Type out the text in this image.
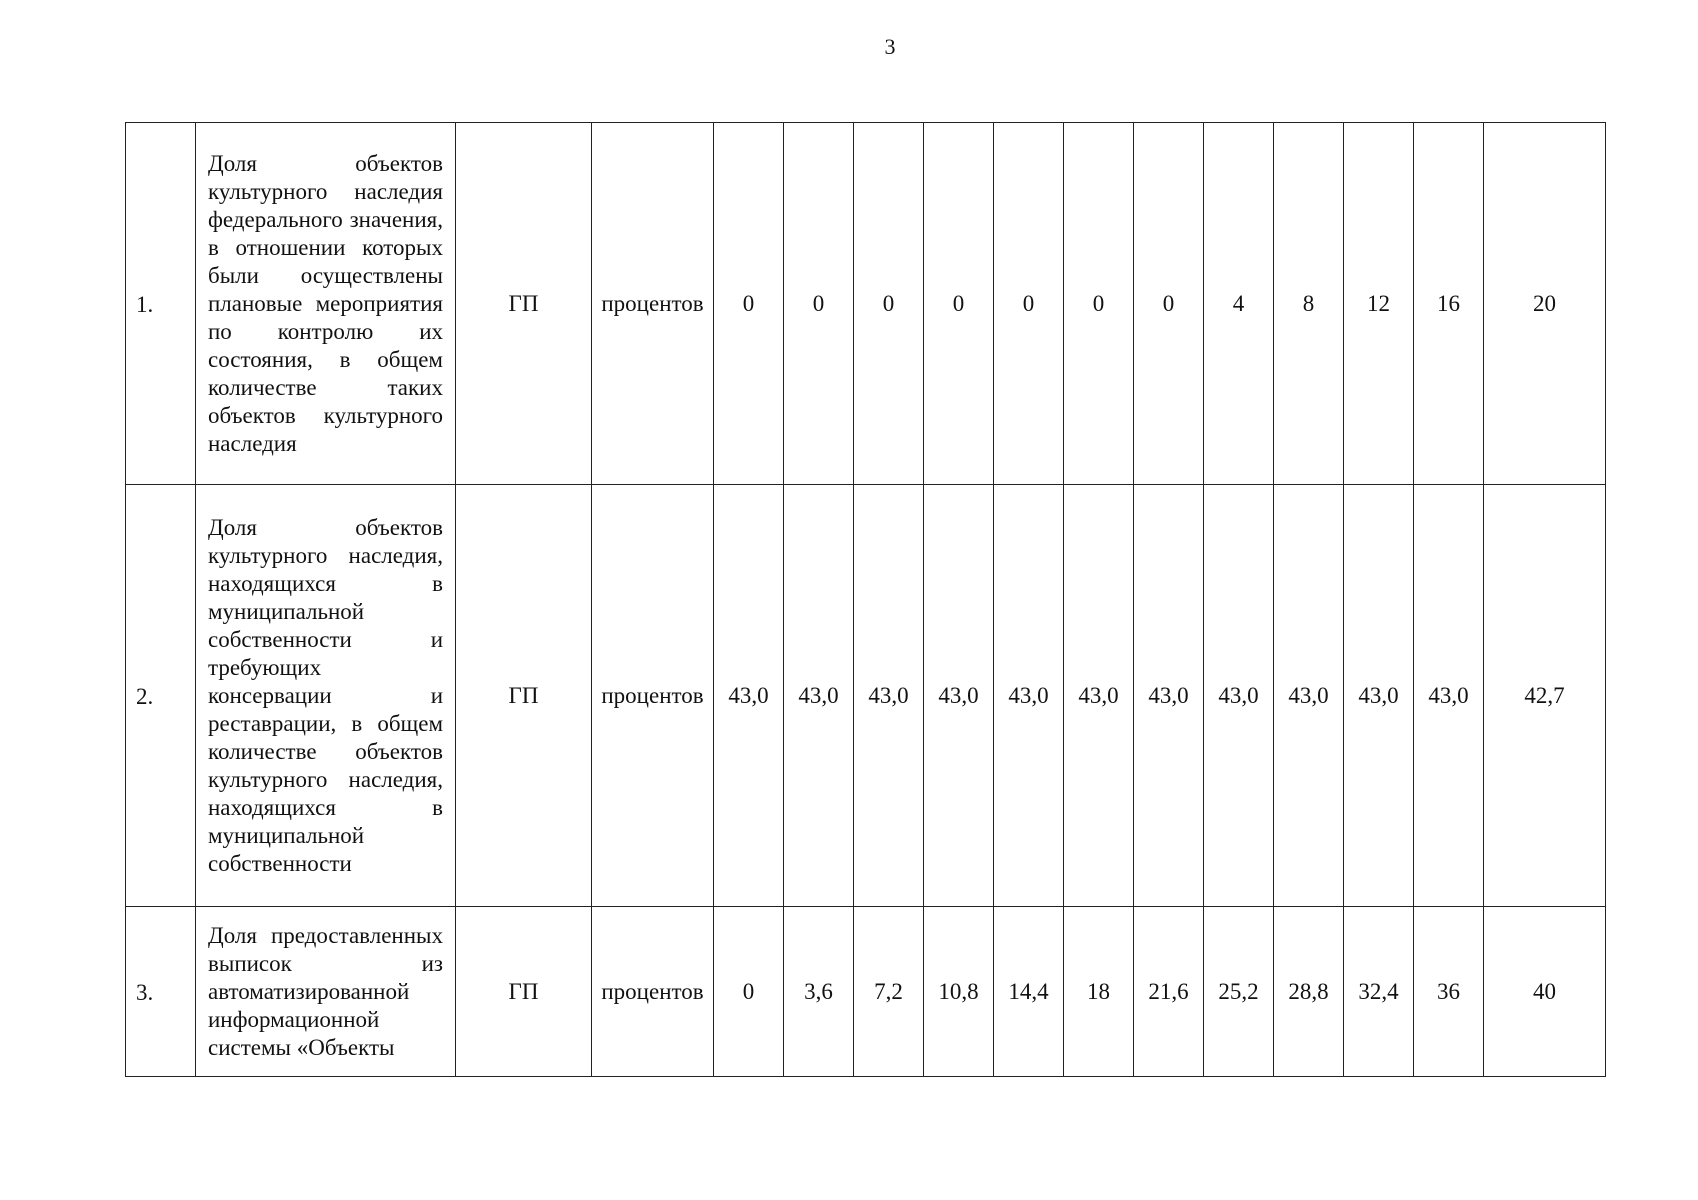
3
1.	Доля объектов культурного наследия федерального значения, в отношении которых были осуществлены плановые мероприятия по контролю их состояния, в общем количестве таких объектов культурного наследия	ГП	процентов	0	0	0	0	0	0	0	4	8	12	16	20
2.	Доля объектов культурного наследия, находящихся в муниципальной собственности и требующих консервации и реставрации, в общем количестве объектов культурного наследия, находящихся в муниципальной собственности	ГП	процентов	43,0	43,0	43,0	43,0	43,0	43,0	43,0	43,0	43,0	43,0	43,0	42,7
3.	Доля предоставленных выписок из автоматизированной информационной системы «Объекты	ГП	процентов	0	3,6	7,2	10,8	14,4	18	21,6	25,2	28,8	32,4	36	40
